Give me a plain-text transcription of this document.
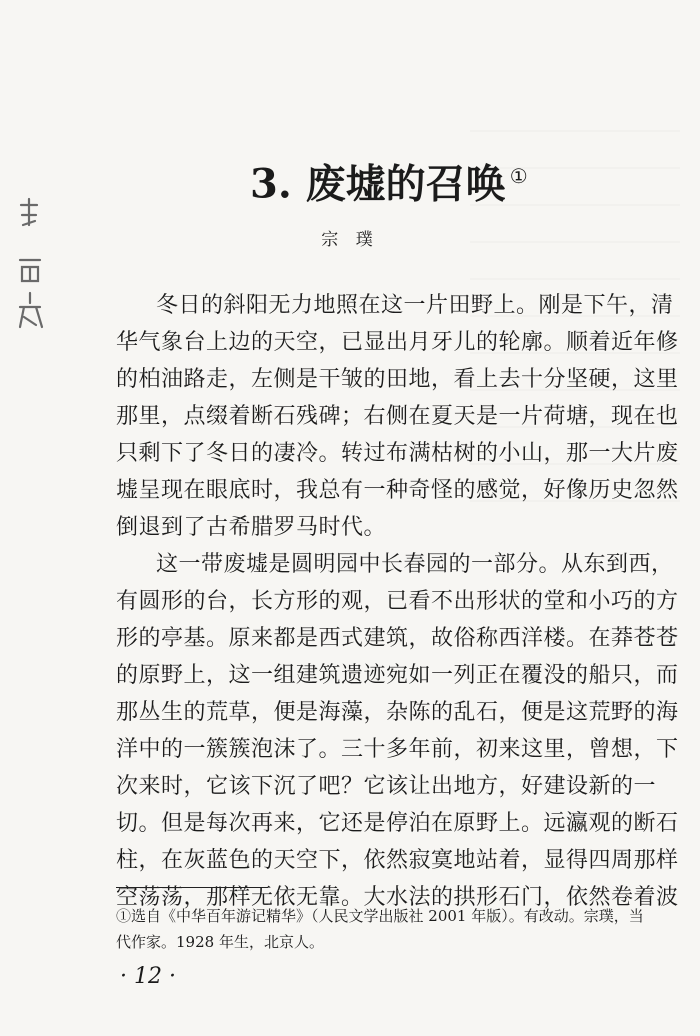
3. 废墟的召唤 ①
宗 璞
冬日的斜阳无力地照在这一片田野上。刚是下午，清
华气象台上边的天空，已显出月牙儿的轮廓。顺着近年修
的柏油路走，左侧是干皱的田地，看上去十分坚硬，这里
那里，点缀着断石残碑；右侧在夏天是一片荷塘，现在也
只剩下了冬日的凄冷。转过布满枯树的小山，那一大片废
墟呈现在眼底时，我总有一种奇怪的感觉，好像历史忽然
倒退到了古希腊罗马时代。
这一带废墟是圆明园中长春园的一部分。从东到西，
有圆形的台，长方形的观，已看不出形状的堂和小巧的方
形的亭基。原来都是西式建筑，故俗称西洋楼。在莽苍苍
的原野上，这一组建筑遗迹宛如一列正在覆没的船只，而
那丛生的荒草，便是海藻，杂陈的乱石，便是这荒野的海
洋中的一簇簇泡沫了。三十多年前，初来这里，曾想，下
次来时，它该下沉了吧？它该让出地方，好建设新的一
切。但是每次再来，它还是停泊在原野上。远瀛观的断石
柱，在灰蓝色的天空下，依然寂寞地站着，显得四周那样
空荡荡，那样无依无靠。大水法的拱形石门，依然卷着波
①选自《中华百年游记精华》（人民文学出版社 2001 年版）。有改动。宗璞，当
代作家。1928 年生，北京人。
· 12 ·
